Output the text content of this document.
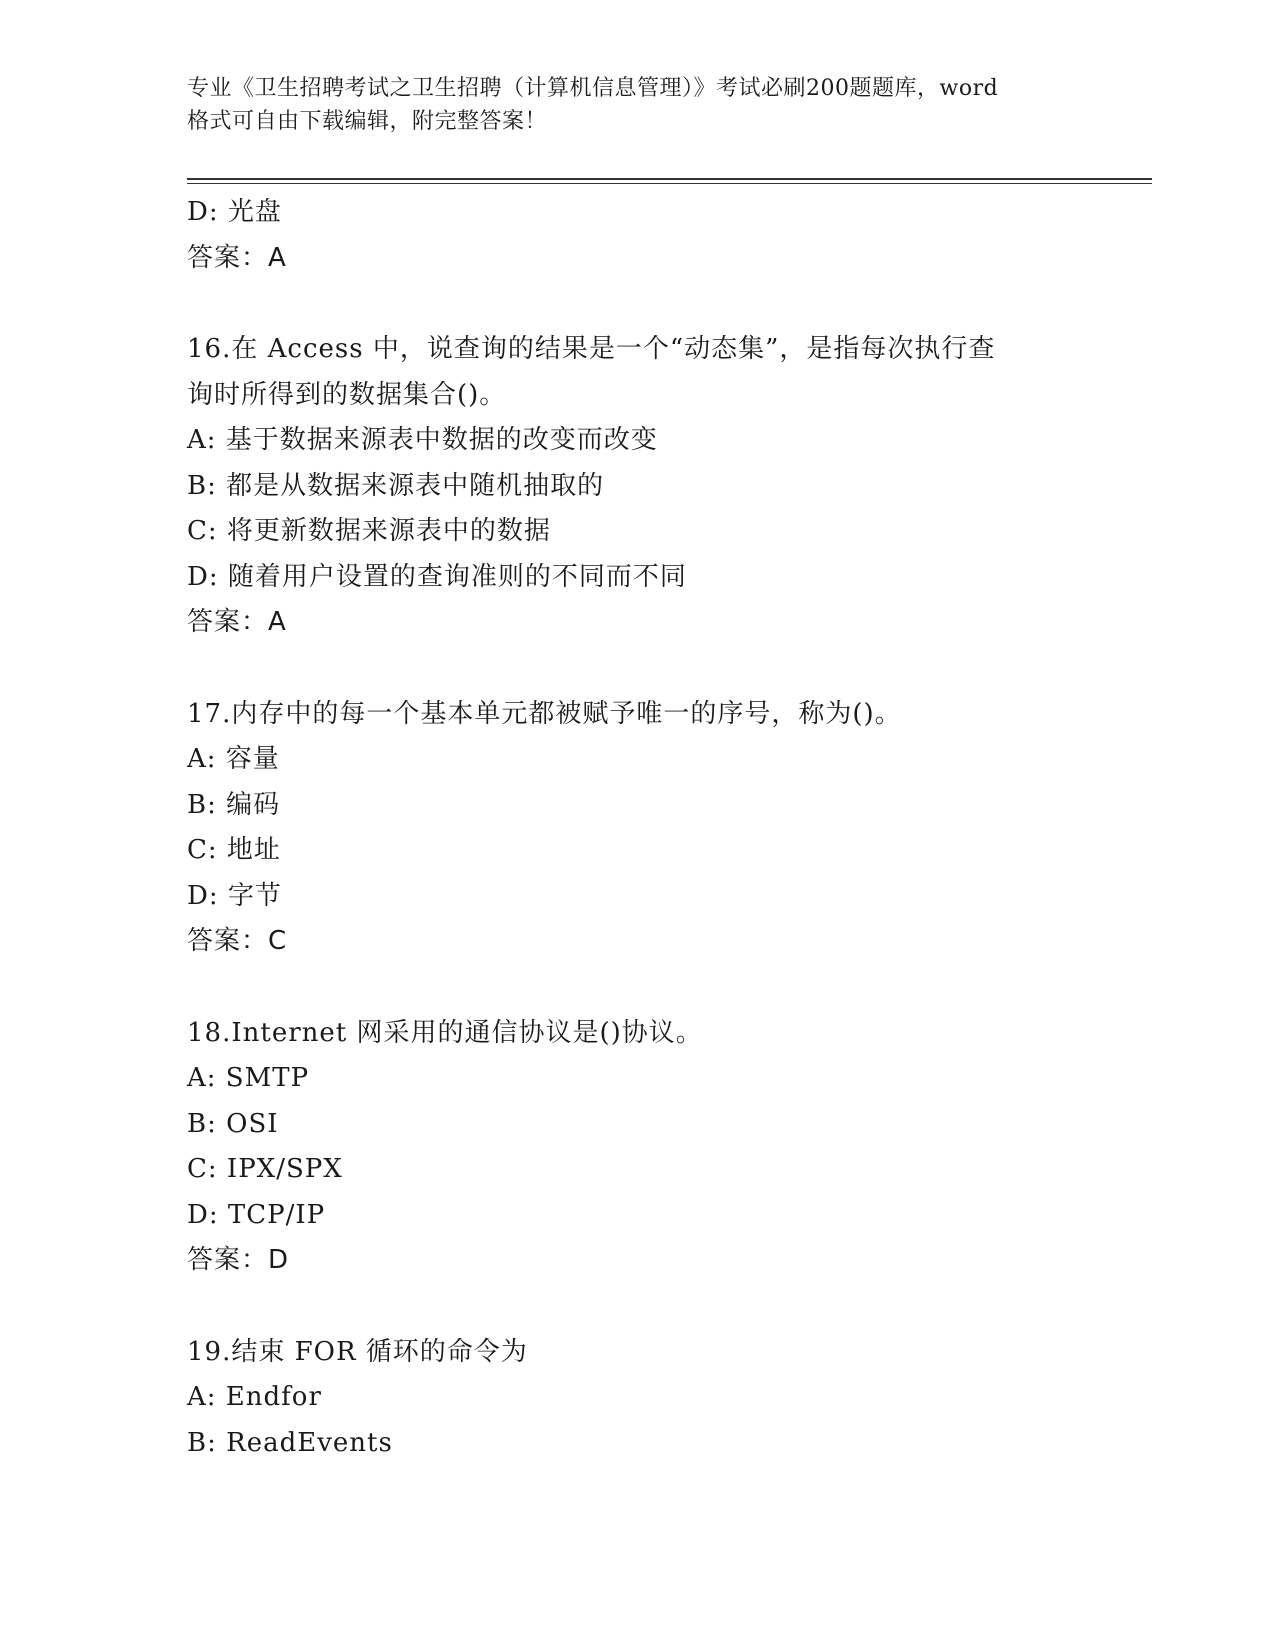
专业《卫生招聘考试之卫生招聘（计算机信息管理）》考试必刷200题题库，word
格式可自由下载编辑，附完整答案！
D: 光盘
答案：A
16.在 Access 中，说查询的结果是一个“动态集”，是指每次执行查
询时所得到的数据集合()。
A: 基于数据来源表中数据的改变而改变
B: 都是从数据来源表中随机抽取的
C: 将更新数据来源表中的数据
D: 随着用户设置的查询准则的不同而不同
答案：A
17.内存中的每一个基本单元都被赋予唯一的序号，称为()。
A: 容量
B: 编码
C: 地址
D: 字节
答案：C
18.Internet 网采用的通信协议是()协议。
A: SMTP
B: OSI
C: IPX/SPX
D: TCP/IP
答案：D
19.结束 FOR 循环的命令为
A: Endfor
B: ReadEvents
